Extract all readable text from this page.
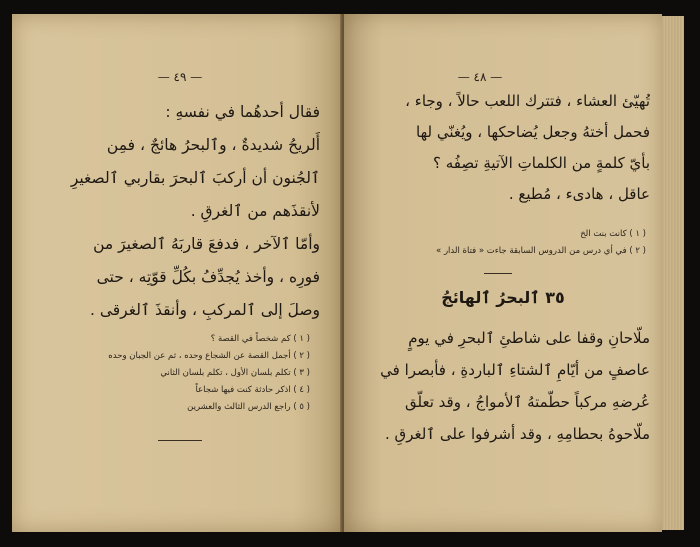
— ٤٩ —
فقال أحدهُما في نفسهِ :
أَلريحُ شديدةٌ ، وٱلبحرُ هائجٌ ، فمِن
ٱلجُنون أن أركبَ ٱلبحرَ بقاربي ٱلصغيرِ
لأنقذَهم من ٱلغرقِ .
وأمّا ٱلآخر ، فدفعَ قاربَهُ ٱلصغيرَ من
فورِه ، وأخذ يُجدِّفُ بكُلِّ قوّتِه ، حتى
وصلَ إلى ٱلمركبِ ، وأنقذَ ٱلغرقى .
( ١ ) كم شخصاً في القصة ؟
( ٢ ) أجمل القصة عن الشجاع وحده ، ثم عن الجبان وحده
( ٣ ) تكلم بلسان الأول ، تكلم بلسان الثاني
( ٤ ) اذكر حادثة كنت فيها شجاعاً
( ٥ ) راجع الدرس الثالث والعشرين
— ٤٨ —
تُهيّئ العشاء ، فتترك اللعب حالاً ، وجاء ،
فحمل أختهُ وجعل يُضاحكها ، ويُغنّي لها
بأيّ كلمةٍ من الكلماتِ الآتيةِ تصِفُه ؟
عاقل ، هادىء ، مُطيع .
( ١ ) كانت بنت الخ
( ٢ ) في أي درس من الدروس السابقة جاءت « فتاة الدار »
٣٥ ٱلبحرُ ٱلهائجُ
ملّاحانِ وقفا على شاطئِ ٱلبحرِ في يومٍ
عاصفٍ من أيّامِ ٱلشتاءِ ٱلباردةِ ، فأبصرا في
عُرضهِ مركباً حطّمتهُ ٱلأمواجُ ، وقد تعلّق
ملّاحوهُ بحطامِهِ ، وقد أشرفوا على ٱلغرقِ .
